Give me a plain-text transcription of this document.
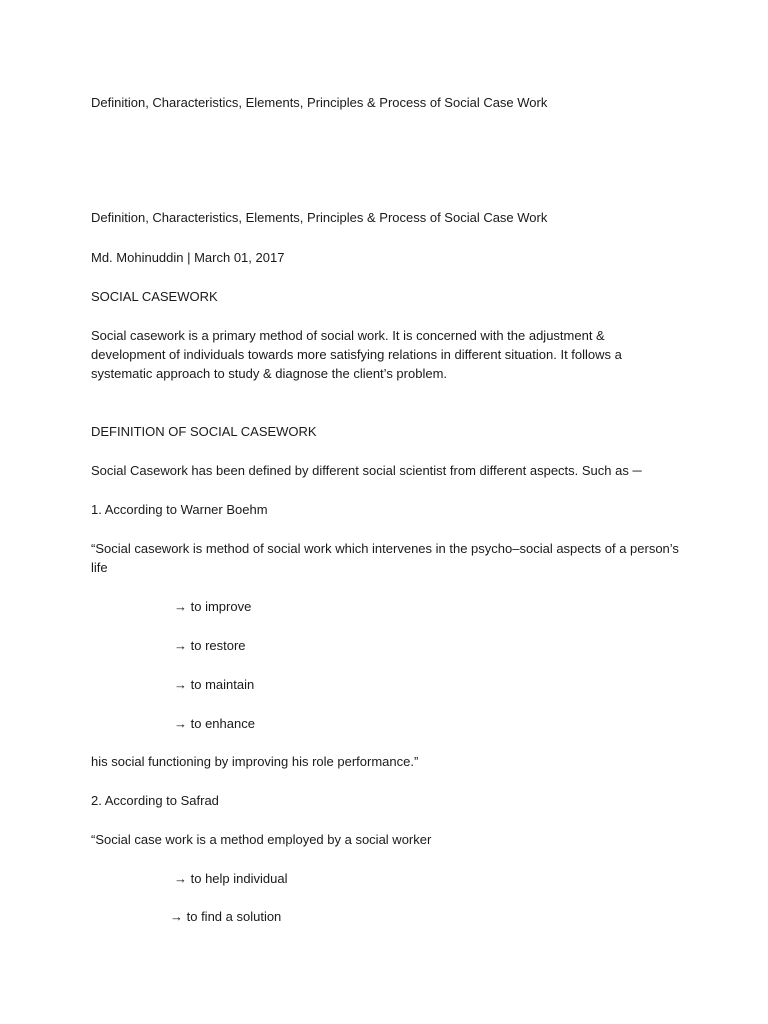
Definition, Characteristics, Elements, Principles & Process of Social Case Work
Definition, Characteristics, Elements, Principles & Process of Social Case Work
Md. Mohinuddin | March 01, 2017
SOCIAL CASEWORK
Social casework is a primary method of social work. It is concerned with the adjustment & development of individuals towards more satisfying relations in different situation. It follows a systematic approach to study & diagnose the client’s problem.
DEFINITION OF SOCIAL CASEWORK
Social Casework has been defined by different social scientist from different aspects. Such as ─
1. According to Warner Boehm
“Social casework is method of social work which intervenes in the psycho–social aspects of a person’s life
→ to improve
→ to restore
→ to maintain
→ to enhance
his social functioning by improving his role performance.”
2. According to Safrad
“Social case work is a method employed by a social worker
→ to help individual
→ to find a solution
